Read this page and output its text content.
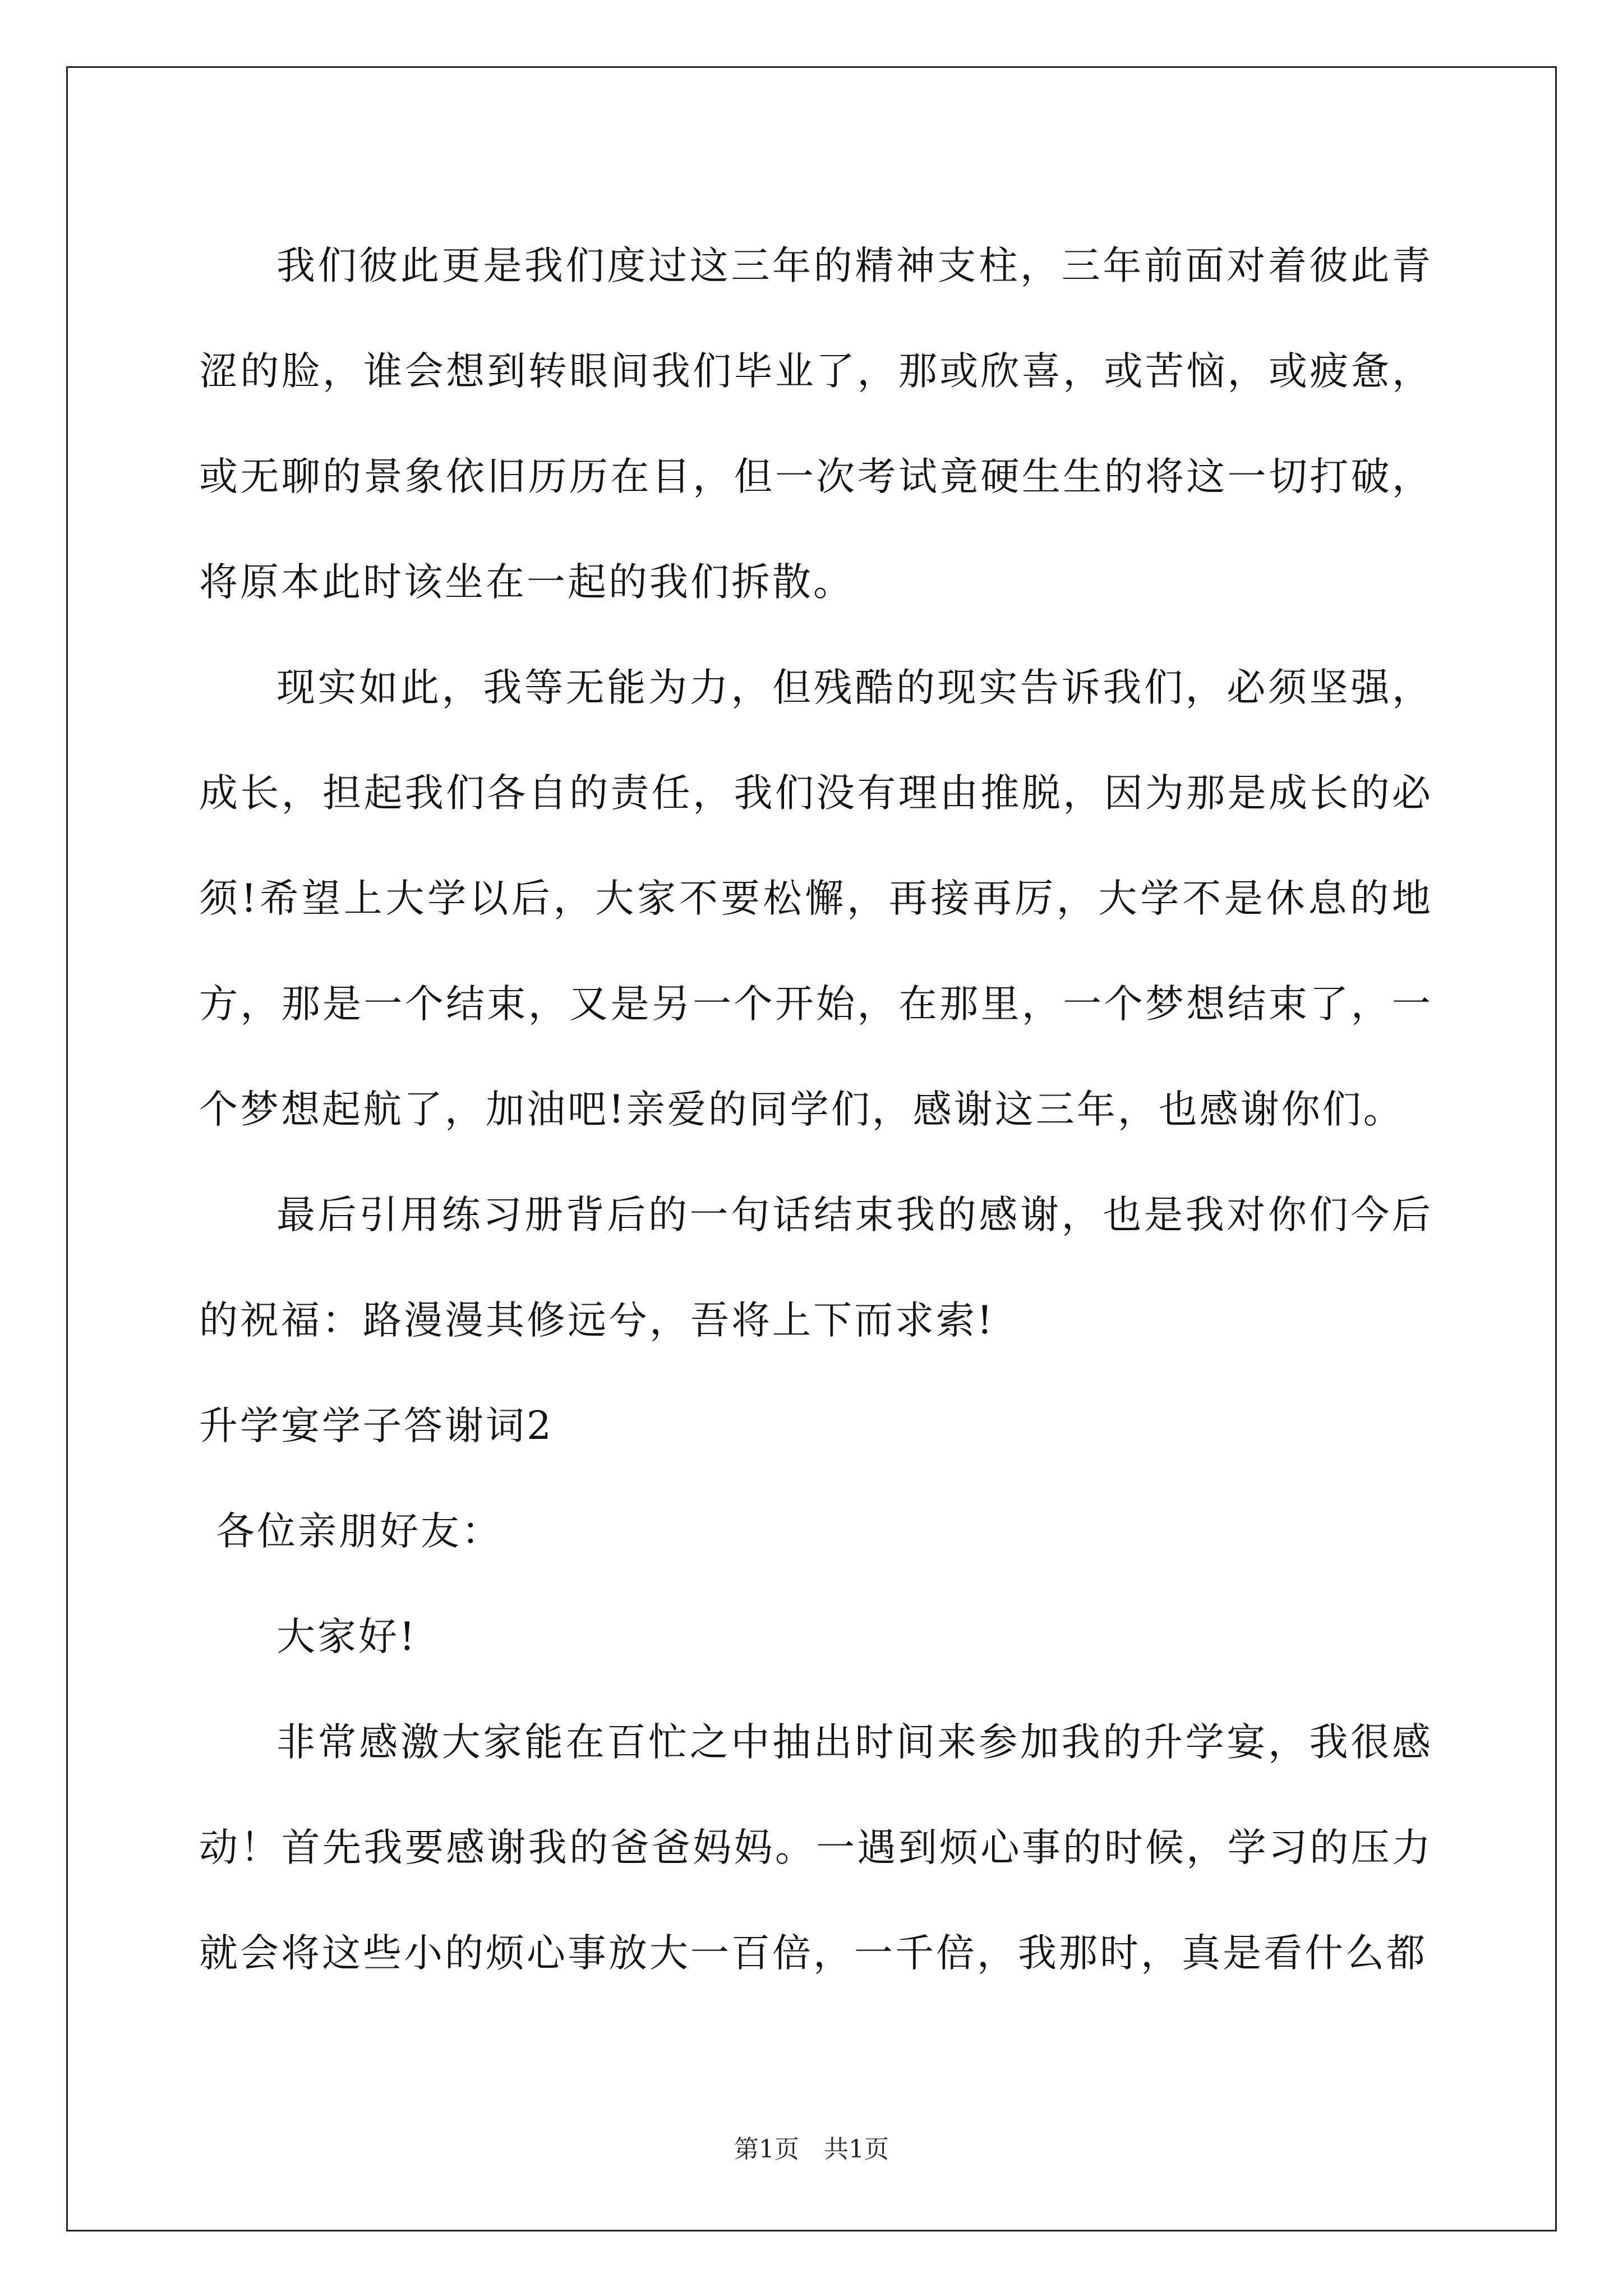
我们彼此更是我们度过这三年的精神支柱，三年前面对着彼此青涩的脸，谁会想到转眼间我们毕业了，那或欣喜，或苦恼，或疲惫，或无聊的景象依旧历历在目，但一次考试竟硬生生的将这一切打破，将原本此时该坐在一起的我们拆散。

现实如此，我等无能为力，但残酷的现实告诉我们，必须坚强，成长，担起我们各自的责任，我们没有理由推脱，因为那是成长的必须!希望上大学以后，大家不要松懈，再接再厉，大学不是休息的地方，那是一个结束，又是另一个开始，在那里，一个梦想结束了，一个梦想起航了，加油吧!亲爱的同学们，感谢这三年，也感谢你们。

最后引用练习册背后的一句话结束我的感谢，也是我对你们今后的祝福：路漫漫其修远兮，吾将上下而求索!

升学宴学子答谢词2

各位亲朋好友：

大家好!

非常感激大家能在百忙之中抽出时间来参加我的升学宴，我很感动！首先我要感谢我的爸爸妈妈。一遇到烦心事的时候，学习的压力就会将这些小的烦心事放大一百倍，一千倍，我那时，真是看什么都

第1页　共1页
